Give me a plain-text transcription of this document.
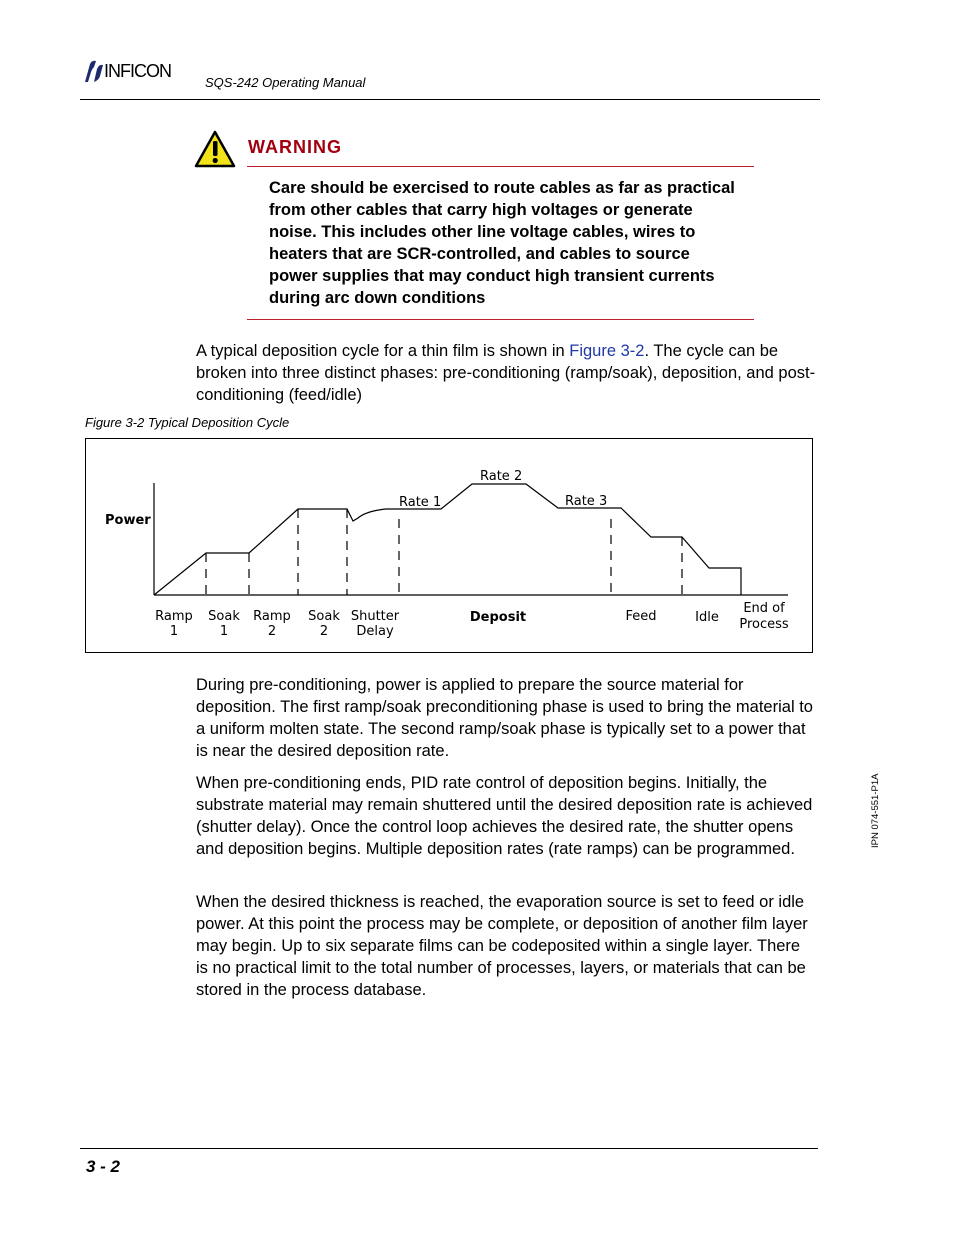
INFICON
SQS-242 Operating Manual
WARNING
Care should be exercised to route cables as far as practical from other cables that carry high voltages or generate noise. This includes other line voltage cables, wires to heaters that are SCR-controlled, and cables to source power supplies that may conduct high transient currents during arc down conditions
A typical deposition cycle for a thin film is shown in Figure 3-2. The cycle can be broken into three distinct phases: pre-conditioning (ramp/soak), deposition, and post-conditioning (feed/idle)
Figure 3-2 Typical Deposition Cycle
Power
Rate 1
Rate 2
Rate 3
Ramp
1
Soak
1
Ramp
2
Soak
2
Shutter
Delay
Deposit	Feed	Idle
End of
Process
During pre-conditioning, power is applied to prepare the source material for deposition. The first ramp/soak preconditioning phase is used to bring the material to a uniform molten state. The second ramp/soak phase is typically set to a power that is near the desired deposition rate.
When pre-conditioning ends, PID rate control of deposition begins. Initially, the substrate material may remain shuttered until the desired deposition rate is achieved (shutter delay). Once the control loop achieves the desired rate, the shutter opens and deposition begins. Multiple deposition rates (rate ramps) can be programmed.
When the desired thickness is reached, the evaporation source is set to feed or idle power. At this point the process may be complete, or deposition of another film layer may begin. Up to six separate films can be codeposited within a single layer. There is no practical limit to the total number of processes, layers, or materials that can be stored in the process database.
IPN 074-551-P1A
3 - 2
